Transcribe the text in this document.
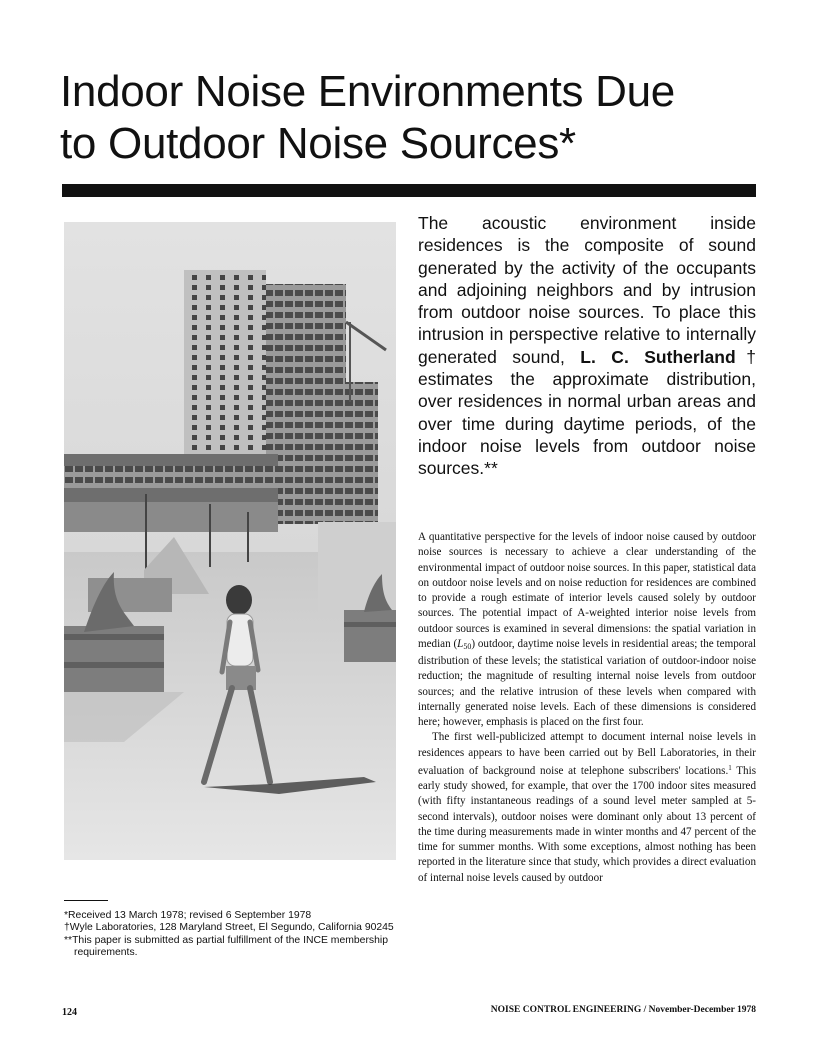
Indoor Noise Environments Due
to Outdoor Noise Sources*

The acoustic environment inside residences is the composite of sound generated by the activity of the occupants and adjoining neighbors and by intrusion from outdoor noise sources. To place this intrusion in perspective relative to internally generated sound, L. C. Sutherland† estimates the approximate distribution, over residences in normal urban areas and over time during daytime periods, of the indoor noise levels from outdoor noise sources.**

A quantitative perspective for the levels of indoor noise caused by outdoor noise sources is necessary to achieve a clear understanding of the environmental impact of outdoor noise sources. In this paper, statistical data on outdoor noise levels and on noise reduction for residences are combined to provide a rough estimate of interior levels caused solely by outdoor sources. The potential impact of A-weighted interior noise levels from outdoor sources is examined in several dimensions: the spatial variation in median $(L_{50})$ outdoor, daytime noise levels in residential areas; the temporal distribution of these levels; the statistical variation of outdoor-indoor noise reduction; the magnitude of resulting internal noise levels from outdoor sources; and the relative intrusion of these levels when compared with internally generated noise levels. Each of these dimensions is considered here; however, emphasis is placed on the first four.

The first well-publicized attempt to document internal noise levels in residences appears to have been carried out by Bell Laboratories, in their evaluation of background noise at telephone subscribers' locations.$^1$ This early study showed, for example, that over the 1700 indoor sites measured (with fifty instantaneous readings of a sound level meter sampled at 5-second intervals), outdoor noises were dominant only about 13 percent of the time during measurements made in winter months and 47 percent of the time for summer months. With some exceptions, almost nothing has been reported in the literature since that study, which provides a direct evaluation of internal noise levels caused by outdoor

*Received 13 March 1978; revised 6 September 1978
†Wyle Laboratories, 128 Maryland Street, El Segundo, California 90245
**This paper is submitted as partial fulfillment of the INCE membership requirements.
124	NOISE CONTROL ENGINEERING / November-December 1978
